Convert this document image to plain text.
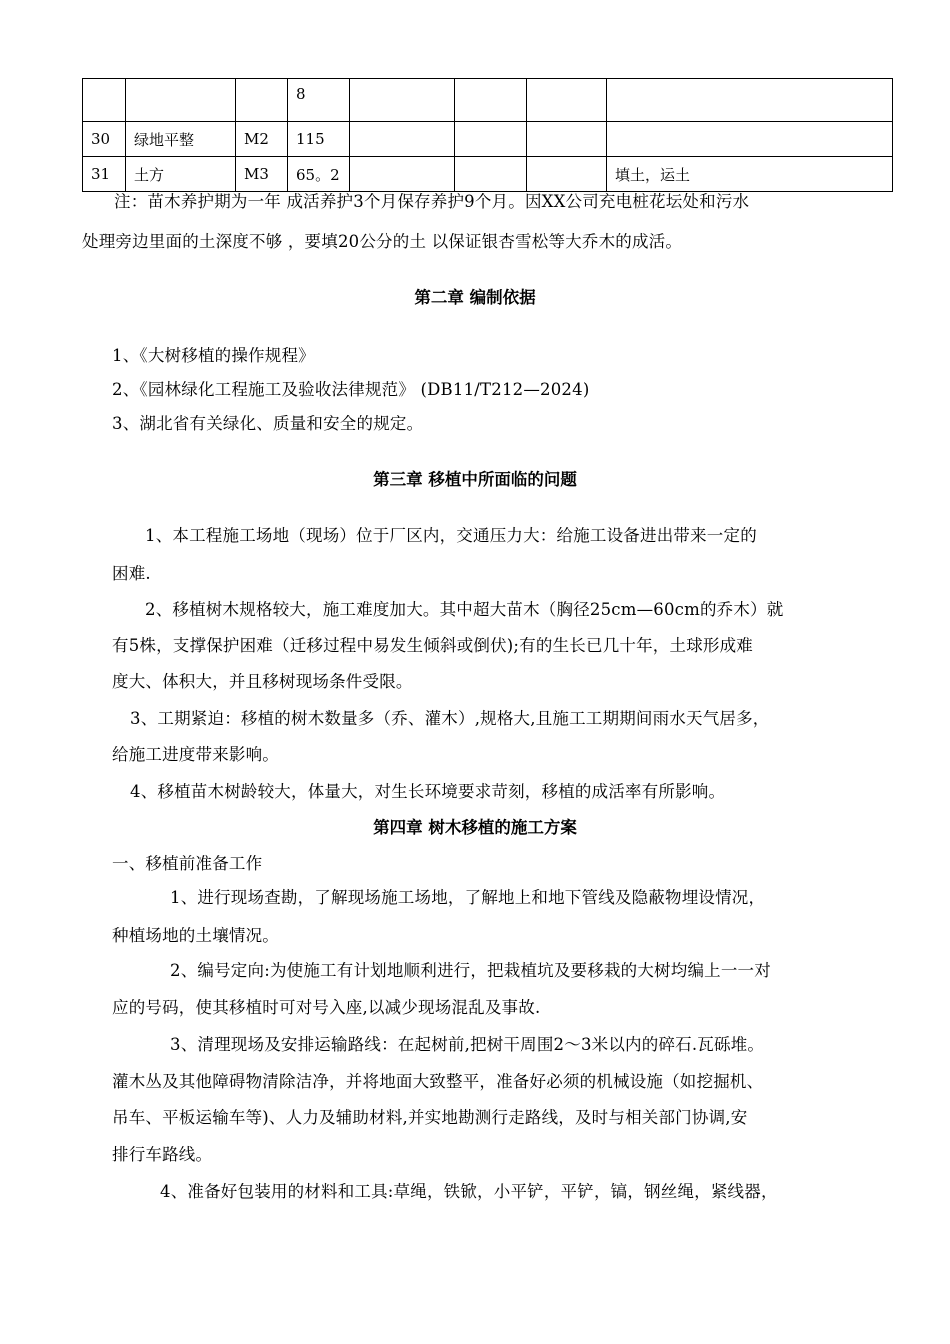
			8				
30	绿地平整	M2	115				
31	土方	M3	65。2				填土，运土
注：苗木养护期为一年 成活养护3个月保存养护9个月。因XX公司充电桩花坛处和污水
处理旁边里面的土深度不够 ，要填20公分的土 以保证银杏雪松等大乔木的成活。
第二章 编制依据
1、《大树移植的操作规程》
2、《园林绿化工程施工及验收法律规范》 (DB11/T212—2024)
3、湖北省有关绿化、质量和安全的规定。
第三章 移植中所面临的问题
1、本工程施工场地（现场）位于厂区内，交通压力大：给施工设备进出带来一定的
困难.
2、移植树木规格较大，施工难度加大。其中超大苗木（胸径25cm—60cm的乔木）就
有5株，支撑保护困难（迁移过程中易发生倾斜或倒伏);有的生长已几十年，土球形成难
度大、体积大，并且移树现场条件受限。
3、工期紧迫：移植的树木数量多（乔、灌木）,规格大,且施工工期期间雨水天气居多，
给施工进度带来影响。
4、移植苗木树龄较大，体量大，对生长环境要求苛刻，移植的成活率有所影响。
第四章 树木移植的施工方案
一、移植前准备工作
1、进行现场查勘，了解现场施工场地，了解地上和地下管线及隐蔽物埋设情况，
种植场地的土壤情况。
2、编号定向:为使施工有计划地顺利进行，把栽植坑及要移栽的大树均编上一一对
应的号码，使其移植时可对号入座,以减少现场混乱及事故.
3、清理现场及安排运输路线：在起树前,把树干周围2～3米以内的碎石.瓦砾堆。
灌木丛及其他障碍物清除洁净，并将地面大致整平，准备好必须的机械设施（如挖掘机、
吊车、平板运输车等)、人力及辅助材料,并实地勘测行走路线，及时与相关部门协调,安
排行车路线。
4、准备好包装用的材料和工具:草绳，铁锨，小平铲，平铲，镐，钢丝绳，紧线器，
